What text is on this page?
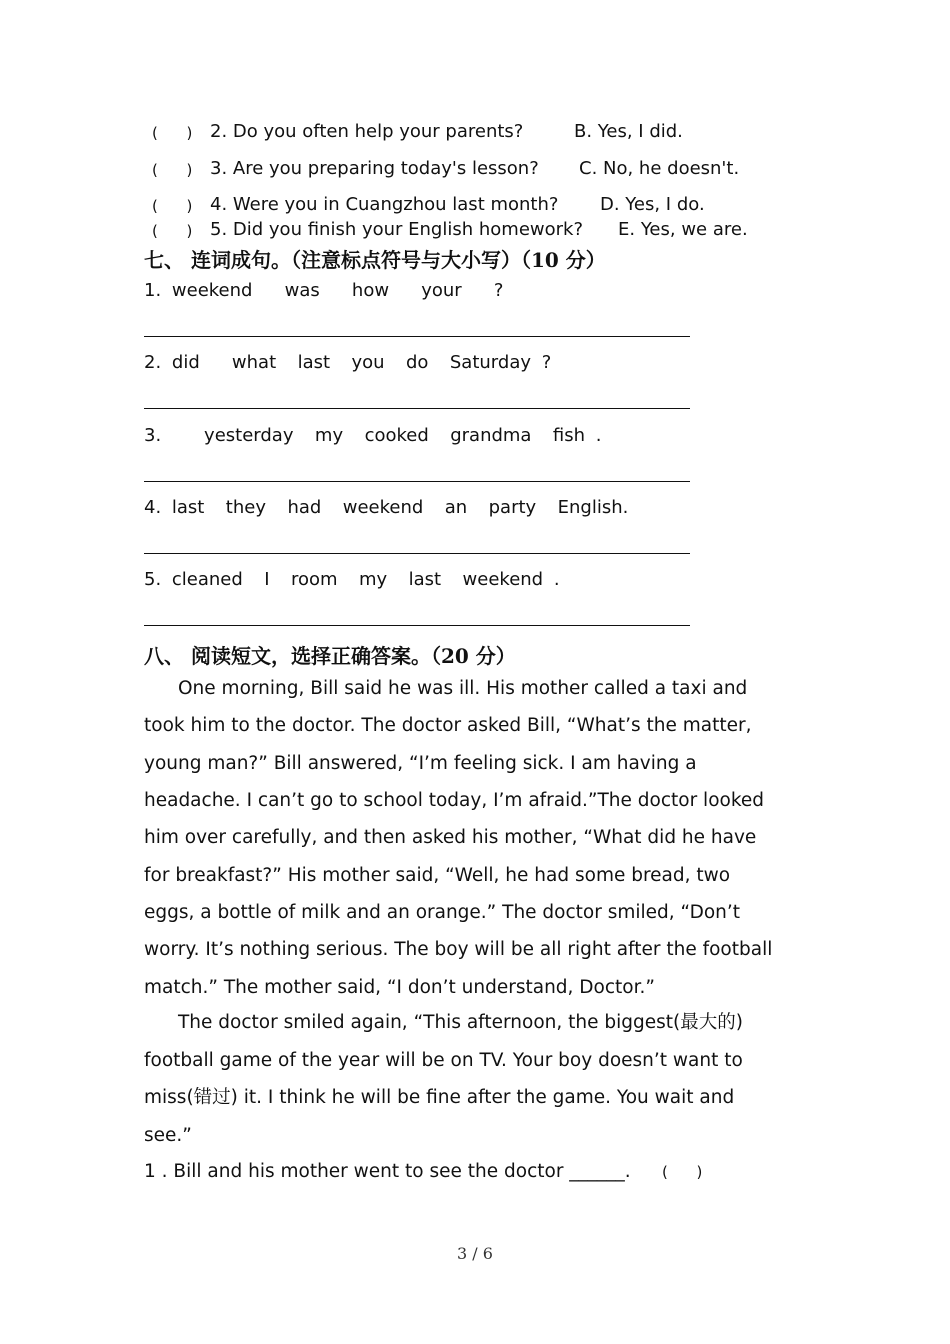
(      ) 2. Do you often help your parents?	B. Yes, I did.
(      ) 3. Are you preparing today's lesson? C. No, he doesn't.
(      ) 4. Were you in Cuangzhou last month? D. Yes, I do.
(      ) 5. Did you finish your English homework? E. Yes, we are.
七、 连词成句。（注意标点符号与大小写）（10 分）
1. weekend   was   how   your   ?
2. did   what  last  you  do  Saturday ?
3.    yesterday  my  cooked  grandma  fish .
4. last  they  had  weekend  an  party  English.
5. cleaned  I  room  my  last  weekend .
八、 阅读短文，选择正确答案。（20 分）
One morning, Bill said he was ill. His mother called a taxi and
took him to the doctor. The doctor asked Bill, “What’s the matter,
young man?” Bill answered, “I’m feeling sick. I am having a
headache. I can’t go to school today, I’m afraid.”The doctor looked
him over carefully, and then asked his mother, “What did he have
for breakfast?” His mother said, “Well, he had some bread, two
eggs, a bottle of milk and an orange.” The doctor smiled, “Don’t
worry. It’s nothing serious. The boy will be all right after the football
match.” The mother said, “I don’t understand, Doctor.”
The doctor smiled again, “This afternoon, the biggest(最大的)
football game of the year will be on TV. Your boy doesn’t want to
miss(错过) it. I think he will be fine after the game. You wait and
see.”
1 . Bill and his mother went to see the doctor ______. (      )
3 / 6
